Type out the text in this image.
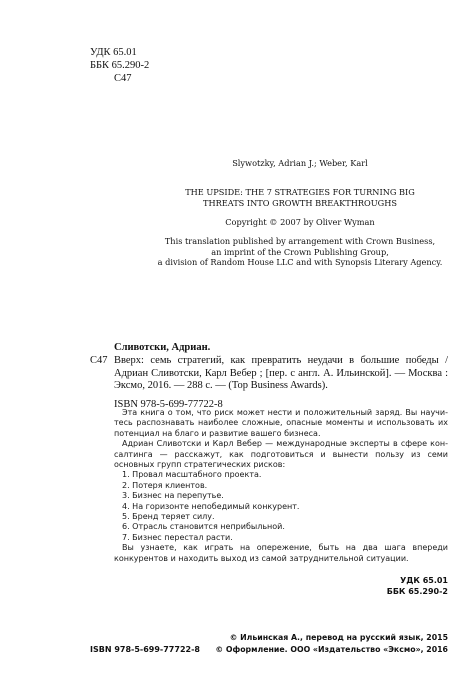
УДК 65.01
ББК 65.290-2
С47
Slywotzky, Adrian J.; Weber, Karl
THE UPSIDE: THE 7 STRATEGIES FOR TURNING BIG
THREATS INTO GROWTH BREAKTHROUGHS
Copyright © 2007 by Oliver Wyman
This translation published by arrangement with Crown Business,
an imprint of the Crown Publishing Group,
a division of Random House LLC and with Synopsis Literary Agency.
Сливотски, Адриан.
С47 Вверх: семь стратегий, как превратить неудачи в большие победы / Адриан Сливотски, Карл Вебер ; [пер. с англ. А. Ильинской]. — Москва : Эксмо, 2016. — 288 с. — (Top Business Awards).
ISBN 978-5-699-77722-8

Эта книга о том, что риск может нести и положительный заряд. Вы научитесь распознавать наиболее сложные, опасные моменты и использовать их потенциал на благо и развитие вашего бизнеса.

Адриан Сливотски и Карл Вебер — международные эксперты в сфере консалтинга — расскажут, как подготовиться и вынести пользу из семи основных групп стратегических рисков:

1. Провал масштабного проекта.
2. Потеря клиентов.
3. Бизнес на перепутье.
4. На горизонте непобедимый конкурент.
5. Бренд теряет силу.
6. Отрасль становится неприбыльной.
7. Бизнес перестал расти.

Вы узнаете, как играть на опережение, быть на два шага впереди конкурентов и находить выход из самой затруднительной ситуации.

УДК 65.01
ББК 65.290-2
ISBN 978-5-699-77722-8
© Ильинская А., перевод на русский язык, 2015
© Оформление. ООО «Издательство «Эксмо», 2016
